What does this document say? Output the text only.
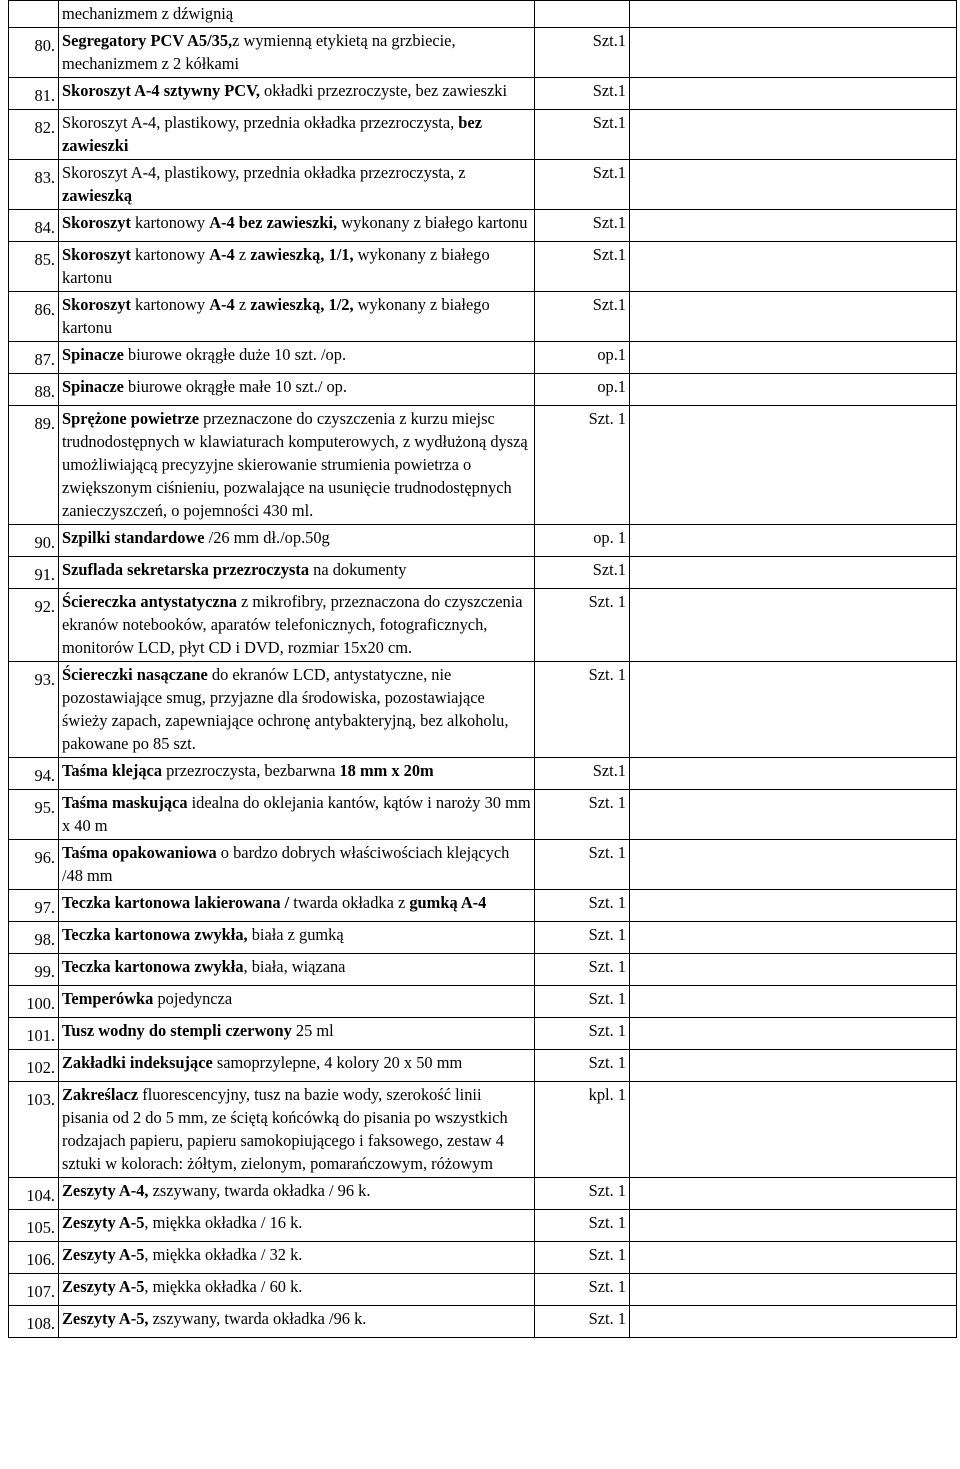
	mechanizmem z dźwignią		
80.	Segregatory PCV A5/35,z wymienną etykietą na grzbiecie, mechanizmem z 2 kółkami	Szt.1	
81.	Skoroszyt A-4 sztywny PCV, okładki przezroczyste, bez zawieszki	Szt.1	
82.	Skoroszyt A-4, plastikowy, przednia okładka przezroczysta, bez zawieszki	Szt.1	
83.	Skoroszyt A-4, plastikowy, przednia okładka przezroczysta, z zawieszką	Szt.1	
84.	Skoroszyt kartonowy A-4 bez zawieszki, wykonany z białego kartonu	Szt.1	
85.	Skoroszyt kartonowy A-4 z zawieszką, 1/1, wykonany z białego kartonu	Szt.1	
86.	Skoroszyt kartonowy A-4 z zawieszką, 1/2, wykonany z białego kartonu	Szt.1	
87.	Spinacze biurowe okrągłe duże 10 szt. /op.	op.1	
88.	Spinacze biurowe okrągłe małe 10 szt./ op.	op.1	
89.	Sprężone powietrze przeznaczone do czyszczenia z kurzu miejsc trudnodostępnych w klawiaturach komputerowych, z wydłużoną dyszą umożliwiającą precyzyjne skierowanie strumienia powietrza o zwiększonym ciśnieniu, pozwalające na usunięcie trudnodostępnych zanieczyszczeń, o pojemności 430 ml.	Szt. 1	
90.	Szpilki standardowe /26 mm dł./op.50g	op. 1	
91.	Szuflada sekretarska przezroczysta na dokumenty	Szt.1	
92.	Ściereczka antystatyczna z mikrofibry, przeznaczona do czyszczenia ekranów notebooków, aparatów telefonicznych, fotograficznych, monitorów LCD, płyt CD i DVD, rozmiar 15x20 cm.	Szt. 1	
93.	Ściereczki nasączane do ekranów LCD, antystatyczne, nie pozostawiające smug, przyjazne dla środowiska, pozostawiające świeży zapach, zapewniające ochronę antybakteryjną, bez alkoholu, pakowane po 85 szt.	Szt. 1	
94.	Taśma klejąca przezroczysta, bezbarwna 18 mm x 20m	Szt.1	
95.	Taśma maskująca idealna do oklejania kantów, kątów i naroży 30 mm x 40 m	Szt. 1	
96.	Taśma opakowaniowa o bardzo dobrych właściwościach klejących /48 mm	Szt. 1	
97.	Teczka kartonowa lakierowana / twarda okładka z gumką A-4	Szt. 1	
98.	Teczka kartonowa zwykła, biała z gumką	Szt. 1	
99.	Teczka kartonowa zwykła, biała, wiązana	Szt. 1	
100.	Temperówka pojedyncza	Szt. 1	
101.	Tusz wodny do stempli czerwony 25 ml	Szt. 1	
102.	Zakładki indeksujące samoprzylepne, 4 kolory 20 x 50 mm	Szt. 1	
103.	Zakreślacz fluorescencyjny, tusz na bazie wody, szerokość linii pisania od 2 do 5 mm, ze ściętą końcówką do pisania po wszystkich rodzajach papieru, papieru samokopiującego i faksowego, zestaw 4 sztuki w kolorach: żółtym, zielonym, pomarańczowym, różowym	kpl. 1	
104.	Zeszyty A-4, zszywany, twarda okładka / 96 k.	Szt. 1	
105.	Zeszyty A-5, miękka okładka / 16 k.	Szt. 1	
106.	Zeszyty A-5, miękka okładka / 32 k.	Szt. 1	
107.	Zeszyty A-5, miękka okładka / 60 k.	Szt. 1	
108.	Zeszyty A-5, zszywany, twarda okładka /96 k.	Szt. 1	
